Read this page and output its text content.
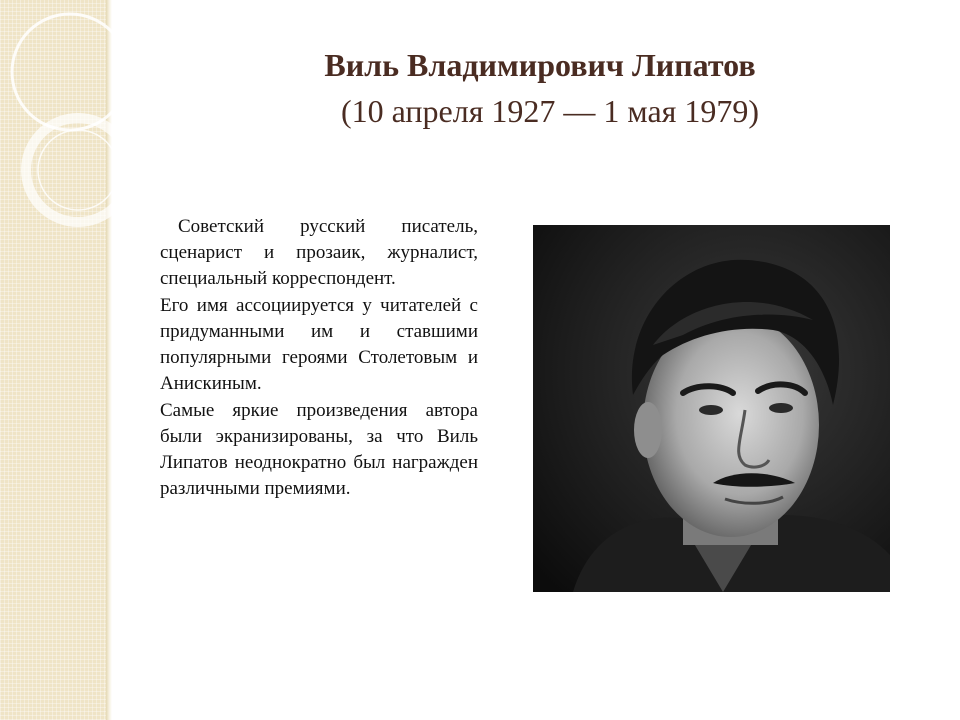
Виль Владимирович Липатов
(10 апреля 1927 — 1 мая 1979)

Советский русский писатель, сценарист и прозаик, журналист, специальный корреспондент.

Его имя ассоциируется у читателей с придуманными им и ставшими популярными героями Столетовым и Анискиным.

Самые яркие произведения автора были экранизированы, за что Виль Липатов неоднократно был награжден различными премиями.
